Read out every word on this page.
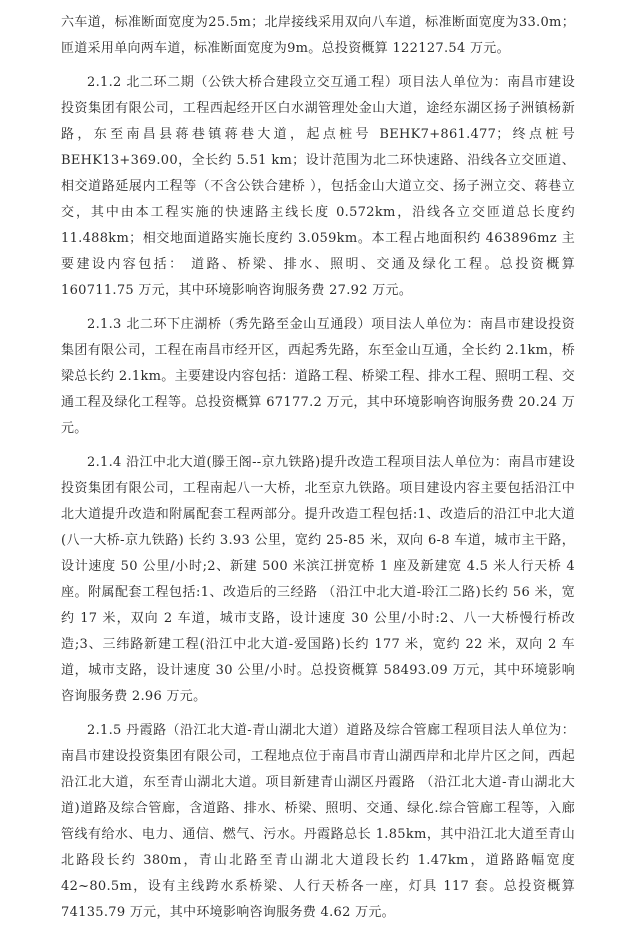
六车道，标准断面宽度为25.5m；北岸接线采用双向八车道，标准断面宽度为33.0m；匝道采用单向两车道，标准断面宽度为9m。总投资概算 122127.54 万元。

2.1.2 北二环二期（公铁大桥合建段立交互通工程）项目法人单位为：南昌市建设投资集团有限公司，工程西起经开区白水湖管理处金山大道，途经东湖区扬子洲镇杨新路，东至南昌县蒋巷镇蒋巷大道，起点桩号 BEHK7+861.477；终点桩号 BEHK13+369.00，全长约 5.51 km；设计范围为北二环快速路、沿线各立交匝道、相交道路延展内工程等（不含公铁合建桥 ），包括金山大道立交、扬子洲立交、蒋巷立交，其中由本工程实施的快速路主线长度 0.572km，沿线各立交匝道总长度约 11.488km；相交地面道路实施长度约 3.059km。本工程占地面积约 463896mz 主要建设内容包括： 道路、桥梁、排水、照明、交通及绿化工程。总投资概算 160711.75 万元，其中环境影响咨询服务费 27.92 万元。

2.1.3 北二环下庄湖桥（秀先路至金山互通段）项目法人单位为：南昌市建设投资集团有限公司，工程在南昌市经开区，西起秀先路，东至金山互通，全长约 2.1km，桥梁总长约 2.1km。主要建设内容包括：道路工程、桥梁工程、排水工程、照明工程、交通工程及绿化工程等。总投资概算 67177.2 万元，其中环境影响咨询服务费 20.24 万元。

2.1.4 沿江中北大道(滕王阁--京九铁路)提升改造工程项目法人单位为：南昌市建设投资集团有限公司，工程南起八一大桥，北至京九铁路。项目建设内容主要包括沿江中北大道提升改造和附属配套工程两部分。提升改造工程包括:1、改造后的沿江中北大道(八一大桥-京九铁路) 长约 3.93 公里，宽约 25-85 米，双向 6-8 车道，城市主干路，设计速度 50 公里/小时;2、新建 500 米滨江拼宽桥 1 座及新建宽 4.5 米人行天桥 4 座。附属配套工程包括:1、改造后的三经路 （沿江中北大道-聆江二路)长约 56 米，宽约 17 米，双向 2 车道，城市支路，设计速度 30 公里/小时:2、八一大桥慢行桥改造;3、三纬路新建工程(沿江中北大道-爱国路)长约 177 米，宽约 22 米，双向 2 车道，城市支路，设计速度 30 公里/小时。总投资概算 58493.09 万元，其中环境影响咨询服务费 2.96 万元。

2.1.5 丹霞路（沿江北大道-青山湖北大道）道路及综合管廊工程项目法人单位为：南昌市建设投资集团有限公司，工程地点位于南昌市青山湖西岸和北岸片区之间，西起沿江北大道，东至青山湖北大道。项目新建青山湖区丹霞路 （沿江北大道-青山湖北大道)道路及综合管廊，含道路、排水、桥梁、照明、交通、绿化.综合管廊工程等，入廊管线有给水、电力、通信、燃气、污水。丹霞路总长 1.85km，其中沿江北大道至青山北路段长约 380m，青山北路至青山湖北大道段长约 1.47km，道路路幅宽度 42~80.5m，设有主线跨水系桥梁、人行天桥各一座，灯具 117 套。总投资概算 74135.79 万元，其中环境影响咨询服务费 4.62 万元。
